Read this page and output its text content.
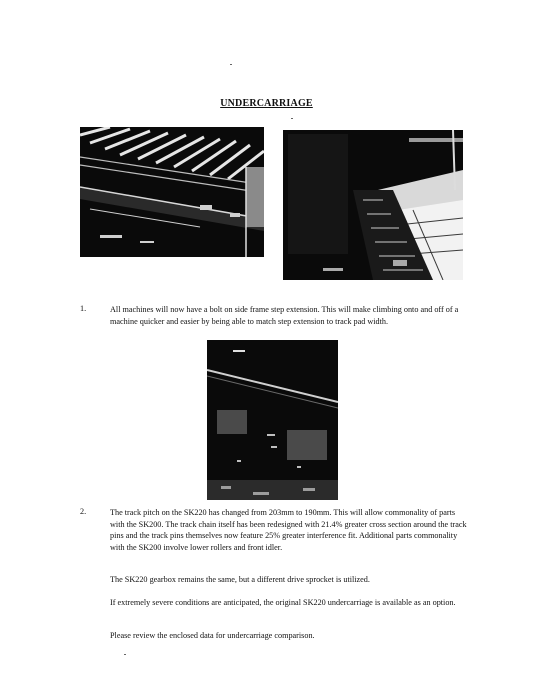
UNDERCARRIAGE
1.	All machines will now have a bolt on side frame step extension. This will make climbing onto and off of a machine quicker and easier by being able to match step extension to track pad width.
2.	The track pitch on the SK220 has changed from 203mm to 190mm. This will allow commonality of parts with the SK200. The track chain itself has been redesigned with 21.4% greater cross section around the track pins and the track pins themselves now feature 25% greater interference fit. Additional parts commonality with the SK200 involve lower rollers and front idler.
The SK220 gearbox remains the same, but a different drive sprocket is utilized.
If extremely severe conditions are anticipated, the original SK220 undercarriage is available as an option.
Please review the enclosed data for undercarriage comparison.
